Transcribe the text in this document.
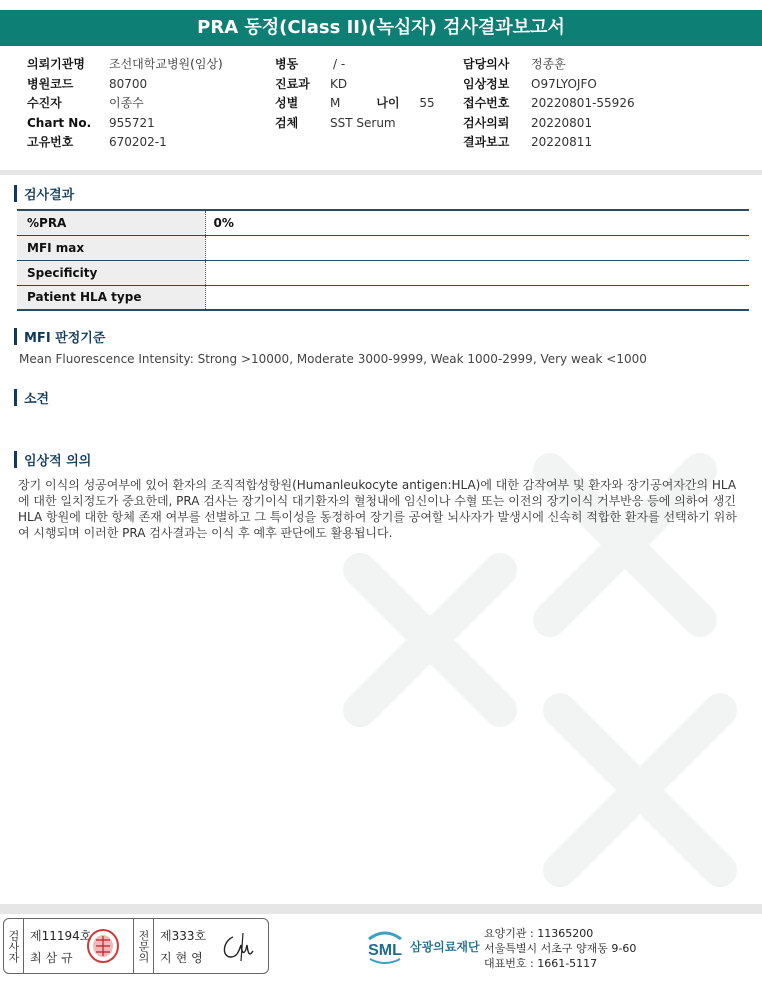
PRA 동정(Class II)(녹십자) 검사결과보고서
의뢰기관명	조선대학교병원(임상)
병원코드	80700
수진자	이종수
Chart No.	955721
고유번호	670202-1
병동	/ -
진료과	KD
성별	M	나이	55
검체	SST Serum
담당의사	정종훈
임상정보	O97LYOJFO
접수번호	20220801-55926
검사의뢰	20220801
결과보고	20220811
검사결과
%PRA	0%
MFI max	
Specificity	
Patient HLA type	
MFI 판정기준
Mean Fluorescence Intensity: Strong >10000, Moderate 3000-9999, Weak 1000-2999, Very weak <1000
소견
임상적 의의
장기 이식의 성공여부에 있어 환자의 조직적합성항원(Humanleukocyte antigen:HLA)에 대한 감작여부 및 환자와 장기공여자간의 HLA에 대한 일치정도가 중요한데, PRA 검사는 장기이식 대기환자의 혈청내에 임신이나 수혈 또는 이전의 장기이식 거부반응 등에 의하여 생긴 HLA 항원에 대한 항체 존재 여부를 선별하고 그 특이성을 동정하여 장기를 공여할 뇌사자가 발생시에 신속히 적합한 환자를 선택하기 위하여 시행되며 이러한 PRA 검사결과는 이식 후 예후 판단에도 활용됩니다.
검사자 제11194호
최삼규	전문의 제333호
지현영	SML 삼광의료재단
요양기관 : 11365200
서울특별시 서초구 양재동 9-60
대표번호 : 1661-5117
